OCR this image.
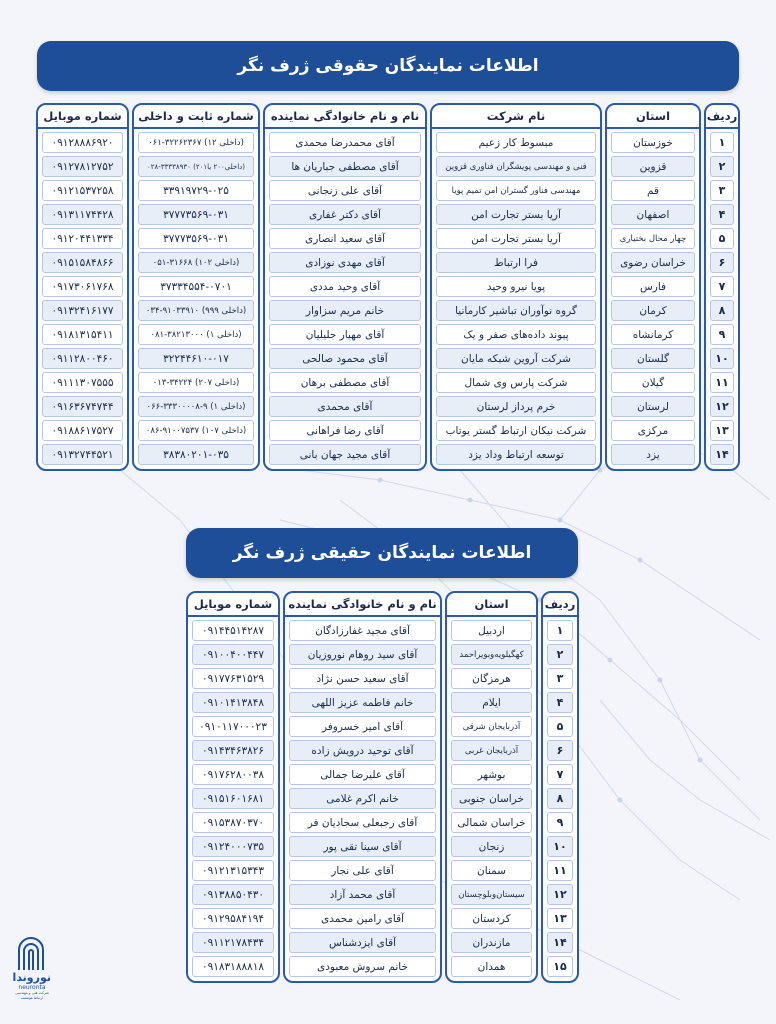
اطلاعات نمایندگان حقوقی ژرف نگر
ردیف
۱
۲
۳
۴
۵
۶
۷
۸
۹
۱۰
۱۱
۱۲
۱۳
۱۴
استان
خوزستان
قزوین
قم
اصفهان
چهار محال بختیاری
خراسان رضوی
فارس
کرمان
کرمانشاه
گلستان
گیلان
لرستان
مرکزی
یزد
نام شرکت
مبسوط کار زعیم
فنی و مهندسی پویشگران فناوری قزوین
مهندسی فناور گستران امن تمیم پویا
آریا بستر تجارت امن
آریا بستر تجارت امن
فرا ارتباط
پویا نیرو وحید
گروه نوآوران تباشیر کارمانیا
پیوند داده‌های صفر و یک
شرکت آروین شبکه مایان
شرکت پارس وی شمال
خرم پرداز لرستان
شرکت نیکان ارتباط گستر یوتاب
توسعه ارتباط وداد یزد
نام و نام خانوادگی نماینده
آقای محمدرضا محمدی
آقای مصطفی جباریان ها
آقای علی زنجانی
آقای دکتر غفاری
آقای سعید انصاری
آقای مهدی نوزادی
آقای وحید مددی
خانم مریم سزاوار
آقای مهیار جلیلیان
آقای محمود صالحی
آقای مصطفی برهان
آقای محمدی
آقای رضا فراهانی
آقای مجید جهان بانی
شماره ثابت و داخلی
(داخلی ۱۲) ۳۲۲۶۲۳۶۷-۰۶۱
(داخلی۲۰۰ یا۲۰۱) ۳۳۳۳۸۹۳۰-۰۲۸
۳۳۹۱۹۷۲۹-۰۲۵
۳۷۷۷۳۵۶۹-۰۳۱
۳۷۷۷۳۵۶۹-۰۳۱
(داخلی ۱۰۲) ۳۱۶۶۸-۰۵۱
۳۷۳۳۴۵۵۴-۰۷۰۱
(داخلی ۹۹۹) ۹۱۰۳۳۹۱۰-۰۳۴
(داخلی ۱) ۳۸۲۱۳۰۰۰-۰۸۱
۳۲۲۴۴۶۱۰-۰۱۷
(داخلی ۲۰۷) ۳۴۲۲۴-۰۱۳
(داخلی ۱) ۹-۳۳۳۰۰۰۰۸-۰۶۶
(داخلی ۱۰۷) ۹۱۰۰۷۵۳۷-۰۸۶
۳۸۳۸۰۲۰۱-۰۳۵
شماره موبایل
۰۹۱۲۸۸۸۶۹۲۰
۰۹۱۲۷۸۱۲۷۵۲
۰۹۱۲۱۵۳۷۲۵۸
۰۹۱۳۱۱۷۴۴۲۸
۰۹۱۲۰۴۴۱۳۳۴
۰۹۱۵۱۵۸۴۸۶۶
۰۹۱۷۳۰۶۱۷۶۸
۰۹۱۳۲۴۱۶۱۷۷
۰۹۱۸۱۳۱۵۴۱۱
۰۹۱۱۲۸۰۰۴۶۰
۰۹۱۱۱۳۰۷۵۵۵
۰۹۱۶۳۶۷۴۷۴۴
۰۹۱۸۸۶۱۷۵۲۷
۰۹۱۳۲۷۴۴۵۲۱
اطلاعات نمایندگان حقیقی ژرف نگر
ردیف
۱
۲
۳
۴
۵
۶
۷
۸
۹
۱۰
۱۱
۱۲
۱۳
۱۴
۱۵
استان
اردبیل
کهگیلویه‌وبویراحمد
هرمزگان
ایلام
آذربایجان شرقی
آذربایجان غربی
بوشهر
خراسان جنوبی
خراسان شمالی
زنجان
سمنان
سیستان‌وبلوچستان
کردستان
مازندران
همدان
نام و نام خانوادگی نماینده
آقای مجید غفارزادگان
آقای سید روهام نوروزیان
آقای سعید حسن نژاد
خانم فاطمه عزیز اللهی
آقای امیر خسروفر
آقای توحید درویش زاده
آقای علیرضا جمالی
خانم اکرم غلامی
آقای رجبعلی سجادیان فر
آقای سینا تقی پور
آقای علی نجار
آقای محمد آزاد
آقای رامین محمدی
آقای ایزدشناس
خانم سروش معبودی
شماره موبایل
۰۹۱۴۴۵۱۴۲۸۷
۰۹۱۰۰۴۰۰۴۴۷
۰۹۱۷۷۶۳۱۵۲۹
۰۹۱۰۱۴۱۳۸۴۸
۰۹۱۰۱۱۷۰۰۰۲۳
۰۹۱۴۳۴۶۳۸۲۶
۰۹۱۷۶۲۸۰۰۳۸
۰۹۱۵۱۶۰۱۶۸۱
۰۹۱۵۳۸۷۰۳۷۰
۰۹۱۲۴۰۰۰۷۳۵
۰۹۱۲۱۳۱۵۳۴۳
۰۹۱۳۸۸۵۰۴۳۰
۰۹۱۲۹۵۸۴۱۹۴
۰۹۱۱۲۱۷۸۴۳۴
۰۹۱۸۳۱۸۸۸۱۸
نوروندا
neuronta
شرکت فنی و مهندسی ارتباط هوشمند
